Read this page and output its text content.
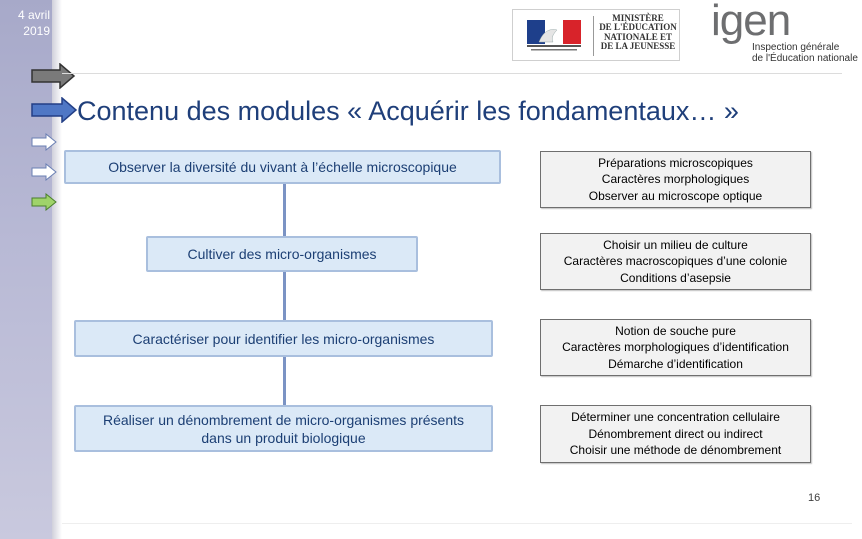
4 avril
2019
MINISTÈRE
DE L'ÉDUCATION
NATIONALE ET
DE LA JEUNESSE
igen
Inspection générale
de l'Éducation nationale
Contenu des modules « Acquérir les fondamentaux… »
Observer la diversité du vivant à l’échelle microscopique
Cultiver des micro-organismes
Caractériser pour identifier les micro-organismes
Réaliser un dénombrement de micro-organismes présents dans un produit biologique
Préparations microscopiques
Caractères morphologiques
Observer au microscope optique
Choisir un milieu de culture
Caractères macroscopiques d’une colonie
Conditions d’asepsie
Notion de souche pure
Caractères morphologiques d’identification
Démarche d’identification
Déterminer une concentration cellulaire
Dénombrement direct ou indirect
Choisir une méthode de dénombrement
16
